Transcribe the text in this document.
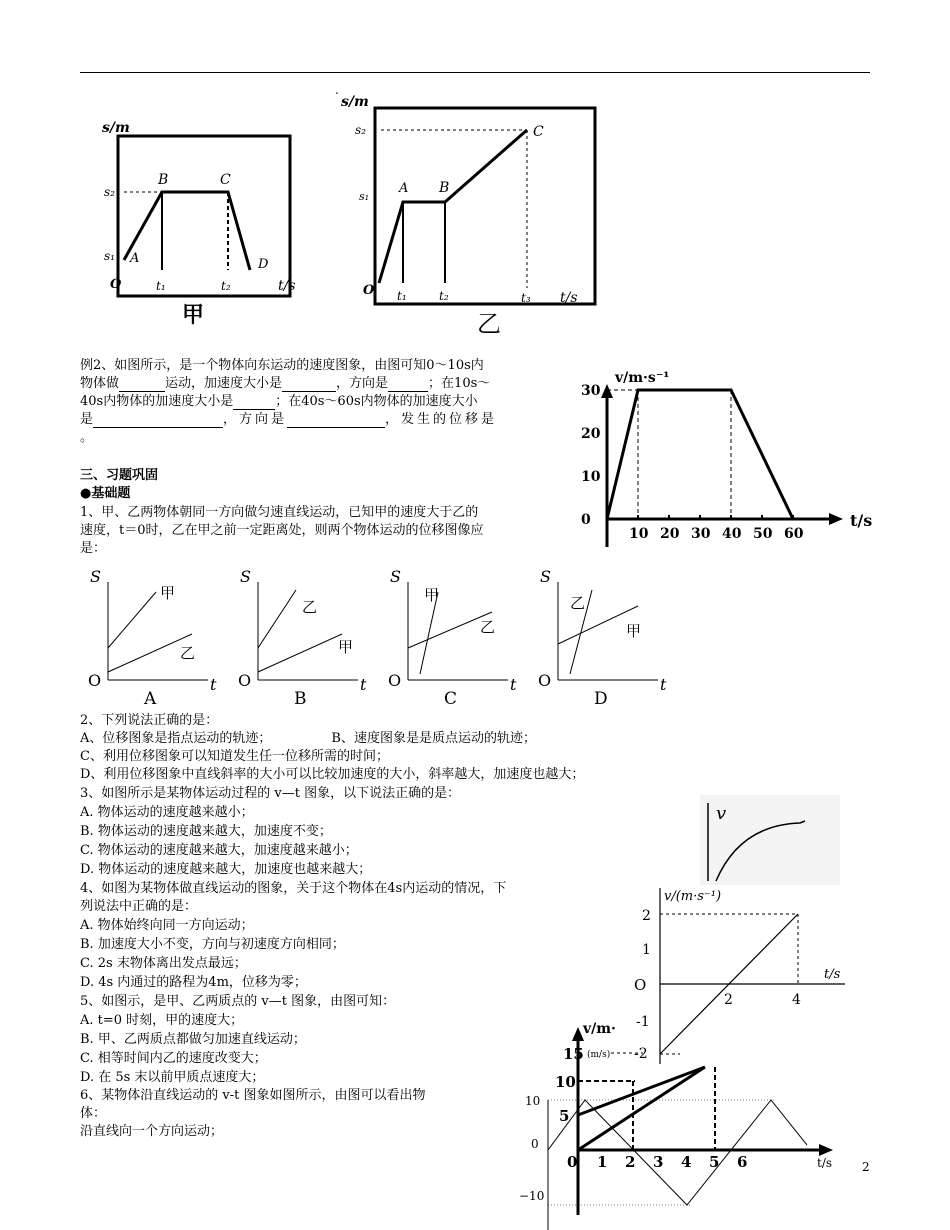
s/m
s₂
s₁
O
A
B	C
D
t₁	t₂	t/s
甲
.
s/m
s₂
s₁
O
A B
C
t₁	t₂	t₃ t/s
乙
例2、如图所示，是一个物体向东运动的速度图象，由图可知0～10s内
物体做	运动，加速度大小是	，方向是	；在10s～
40s内物体的加速度大小是	；在40s～60s内物体的加速度大小
是	，方向是	，发生的位移是
。
v/m·s⁻¹
30
20
10
0
10 20 30 40 50 60
t/s
三、习题巩固
●基础题
1、甲、乙两物体朝同一方向做匀速直线运动，已知甲的速度大于乙的
速度，t＝0时，乙在甲之前一定距离处，则两个物体运动的位移图像应
是：
S
O	t
甲
乙
A
S
O	t
乙
甲
B
S
O	t
甲
乙
C
S
O	t
乙
甲
D
2、下列说法正确的是：
A、位移图象是指点运动的轨迹；	B、速度图象是是质点运动的轨迹；
C、利用位移图象可以知道发生任一位移所需的时间；
D、利用位移图象中直线斜率的大小可以比较加速度的大小，斜率越大，加速度也越大；
3、如图所示是某物体运动过程的 v—t 图象，以下说法正确的是：
A. 物体运动的速度越来越小；
B. 物体运动的速度越来越大，加速度不变；
C. 物体运动的速度越来越大，加速度越来越小；
D. 物体运动的速度越来越大，加速度也越来越大；
v
4、如图为某物体做直线运动的图象，关于这个物体在4s内运动的情况，下
列说法中正确的是：
A. 物体始终向同一方向运动；
B. 加速度大小不变，方向与初速度方向相同；
C. 2s 末物体离出发点最远；
D. 4s 内通过的路程为4m，位移为零；
v/(m·s⁻¹)
2
1
O
-1
-2
2	4
t/s
5、如图示，是甲、乙两质点的 v—t 图象，由图可知：
A. t=0 时刻，甲的速度大；
B. 甲、乙两质点都做匀加速直线运动；
C. 相等时间内乙的速度改变大；
D. 在 5s 末以前甲质点速度大；
6、某物体沿直线运动的 v-t 图象如图所示，由图可以看出物
体：
沿直线向一个方向运动；
v/m·
15 (m/s)
10
5
0 1 2 3 4 5 6	t/s
10
0
−10
2
